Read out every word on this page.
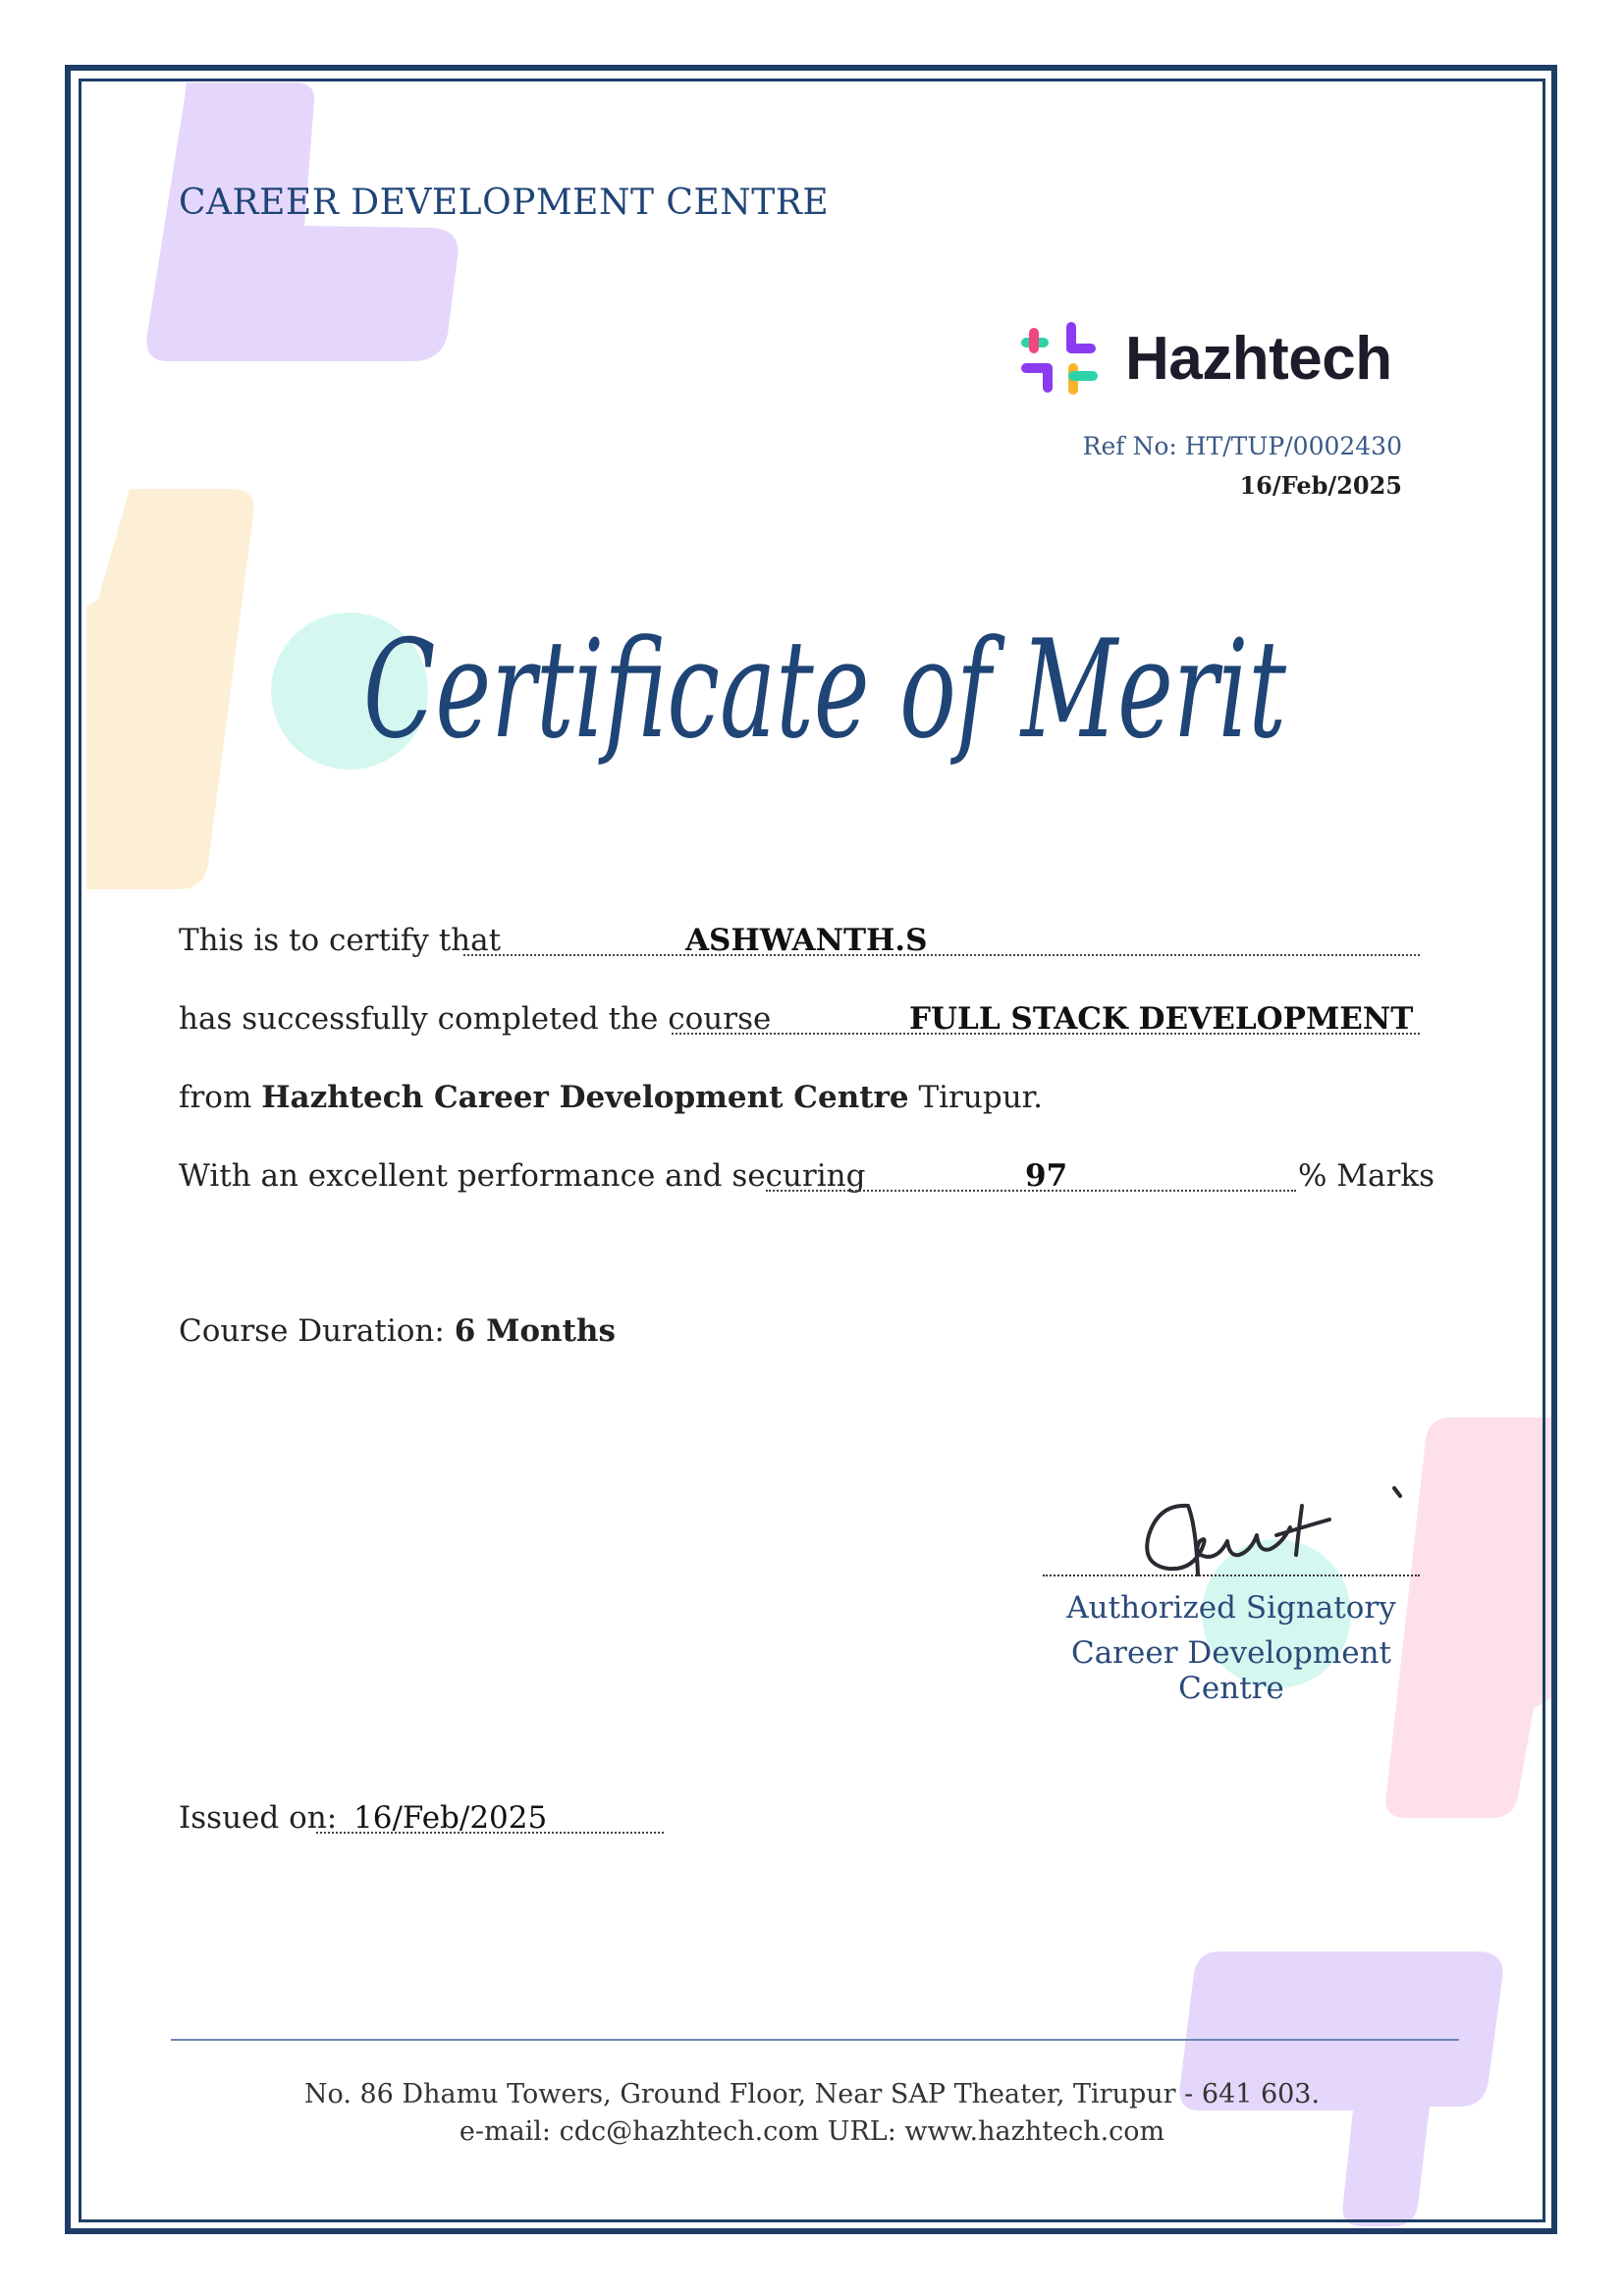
CAREER DEVELOPMENT CENTRE
Hazhtech
Ref No: HT/TUP/0002430
16/Feb/2025
Certificate of Merit
This is to certify that	ASHWANTH.S
has successfully completed the course	FULL STACK DEVELOPMENT
from Hazhtech Career Development Centre Tirupur.
With an excellent performance and securing	97	% Marks
Course Duration: 6 Months
Authorized Signatory
Career Development Centre
Issued on: 16/Feb/2025
No. 86 Dhamu Towers, Ground Floor, Near SAP Theater, Tirupur - 641 603.
e-mail: cdc@hazhtech.com URL: www.hazhtech.com
